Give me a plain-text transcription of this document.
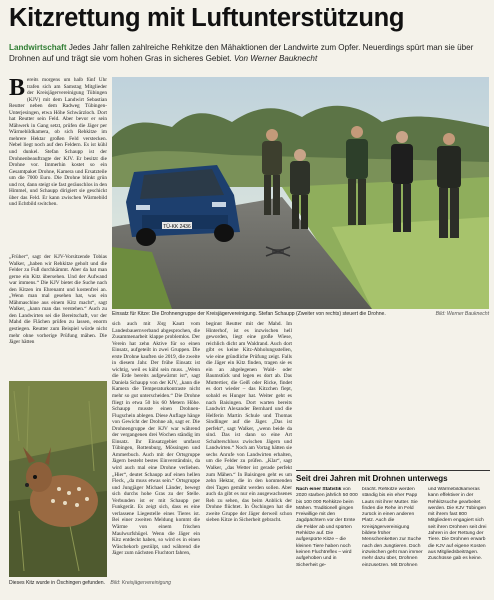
Kitzrettung mit Luftunterstützung
Landwirtschaft Jedes Jahr fallen zahlreiche Rehkitze den Mähaktionen der Landwirte zum Opfer. Neuerdings spürt man sie über Drohnen auf und trägt sie vom hohen Gras in sicheres Gebiet. Von Werner Bauknecht
B ereits morgens um halb fünf Uhr trafen sich am Samstag Mitglieder der Kreisjägervereinigung Tübingen (KJV) mit dem Landwirt Sebastian Reutter neben dem Radweg Tübingen-Unterjesingen, etwa Höhe Schwärzloch. Dort hat Reutter sein Feld. Aber bevor er sein Mähwerk in Gang setzt, prüfen die Jäger per Wärmebildkamera, ob sich Rehkitze im mehrere Hektar großen Feld verstecken. Nebel liegt noch auf den Feldern. Es ist kühl und dunkel. Stefan Schaupp ist der Drohnenbeauftragte der KJV. Er besitzt die Drohne vor. Immerhin kostet so ein Gesamtpaket Drohne, Kamera und Ersatzteile um die 7000 Euro. Die Drohne blinkt grün und rot, dann steigt sie fast geräuschlos in den Himmel, und Schaupp dirigiert sie geschickt über das Feld. Er kann zwischen Wärmebild und Echtbild switchen.
„Früher“, sagt der KJV-Vorsitzende Tobias Walker, „haben wir Rehkitze geholt und die Felder zu Fuß durchkämmt. Aber da hat man gerne ein Kitz übersehen. Und der Aufwand war immens.“ Die KJV bietet die Suche nach den Kitzen im Ehrenamt und kostenfrei an. „Wenn man mal gesehen hat, was ein Mähmaschine aus einem Kitz macht“, sagt Walker, „kann man das verstehen.“ Auch zu den Landwirten sei die Bereitschaft, vor der Mahd die Flächen prüfen zu lassen, enorm gestiegen. Reutter zum Beispiel würde nicht mehr ohne vorherige Prüfung mähen. Die Jäger hätten
TÜ-KK 2436
Einsatz für Kitze: Die Drohnengruppe der Kreisjägervereinigung. Stefan Schaupp (Zweiter von rechts) steuert die Drohne.	Bild: Werner Bauknecht
sich auch mit Jörg Kautt vom Landesbauernverband abgesprochen, die Zusammenarbeit klappe problemlos. Der Verein hat zehn Aktive für so einen Einsatz, aufgeteilt in zwei Gruppen. Die erste Drohne kauften sie 2019, die zweite in diesem Jahr. Der frühe Einsatz ist wichtig, weil es kühl sein muss. „Wenn die Erde bereits aufgewärmt ist“, sagt Daniela Schaupp von der KJV, „kann die Kamera die Temperaturkontraste nicht mehr so gut unterscheiden.“ Die Drohne fliegt in etwa 50 bis 60 Metern Höhe. Schaupp musste einen Drohnen-Flugschein ablegen. Diese Auflage hänge von Gewicht der Drohne ab, sagt er. Die Drohnengruppe der KJV war während der vergangenen drei Wochen ständig im Einsatz. Ihr Einsatzgebiet umfasst Tübingen, Rottenburg, Mössingen und Ammerbuch. Auch mit der Ortsgruppe Jägern besteht bestes Einverständnis, da wird auch mal eine Drohne verliehen. „Hier“, deutet Schaupp auf einen hellen Fleck, „da muss etwas sein.“ Ortsgruppe und Jungjäger Michael Länder, bewegt sich durchs hohe Gras zu der Stelle. Verbunden ist er mit Schaupp per Funkgerät. Es zeigt sich, dass es eine verlassene Liegestelle eines Tieres ist. Bei einer zweiten Meldung kommt die Wärme von einem frischen Maulwurfshügel. Wenn die Jäger ein Kitz entdeckt haben, so wird es in einen Wäschekorb gestülpt, und während die Jäger zum nächsten Fluchtort fahren,
beginnt Reutter mit der Mahd. Im Hinterhof, ist es inzwischen hell geworden, liegt eine große Wiese, reichlich dicht am Waldrand. Auch dort gibt es keine Kitz-Abholungsstellen, wie eine gründliche Prüfung zeigt. Falls die Jäger ein Kitz finden, tragen sie es ein an abgelegenen Wald- oder Baumstück und legen es dort ab. Das Muttertier, die Geiß oder Ricke, findet es dort wieder – das Kitzchen fiept, sobald es Hunger hat. Weiter geht es nach Baisingen. Dort warten bereits Landwirt Alexander Bernhard und die Helferin Martin Schule und Thomas Sindlinger auf die Jäger. „Das ist perfekt“, sagt Walker, „wenn beide da sind. Das ist dann so eine Art Schalterschluss zwischen Jägern und Landwirten.“ Noch am Vortag hätten sie sechs Anrufe von Landwirten erhalten, um die Felder zu prüfen. „Klar“, sagt Walker, „das Wetter ist gerade perfekt zum Mähen.“ In Baisingen geht es um zehn Hektar, die in den kommenden drei Tagen gemäht werden sollen. Aber auch da gibt es nur ein ausgewachsenes Reh zu sehen, das beim Anblick der Drohne flüchtet. In Öschingen hat die zweite Gruppe der Jäger derweil schon sieben Kitze in Sicherheit gebracht.
Dieses Kitz wurde in Öschingen gefunden. Bild: Kreisjägervereinigung
Seit drei Jahren mit Drohnen unterwegs
Nach einer Statistik von 2020 starben jährlich 50 000 bis 100 000 Rehkitze beim Mähen. Traditionell gingen Freiwillige mit den Jagdpächtern vor der Ernte die Felder ab und spürten Rehkitze auf. Die aufgespürte Kitze – die kleinen Tiere haben noch keinen Fluchtreflex – wird aufgehoben und in Sicherheit ge-
bracht. Rehkitze werden ständig bis ein eher Papp Lauts mit ihrer Mutter. Sie finden die Rehe im Feld zurück in einen anderen Platz. Auch die Kreisjägervereinigung bildete früher Menschenketten zur Suche nach den Jungtieren. Doch inzwischen geht man immer mehr dazu über, Drohnen einzusetzen. Mit Drohnen
und Wärmebildkameras kann effektiver in der Rehkitzsuche gearbeitet werden. Die KJV Tübingen mit ihrem fast 800 Mitgliedern engagiert sich seit ihren Drohnen seit drei Jahren in der Rettung der Tiere. Die Drohnen erwarb die KJV auf eigene Kosten aus Mitgliedsbeiträgen. Zuschüsse gab es keine.
